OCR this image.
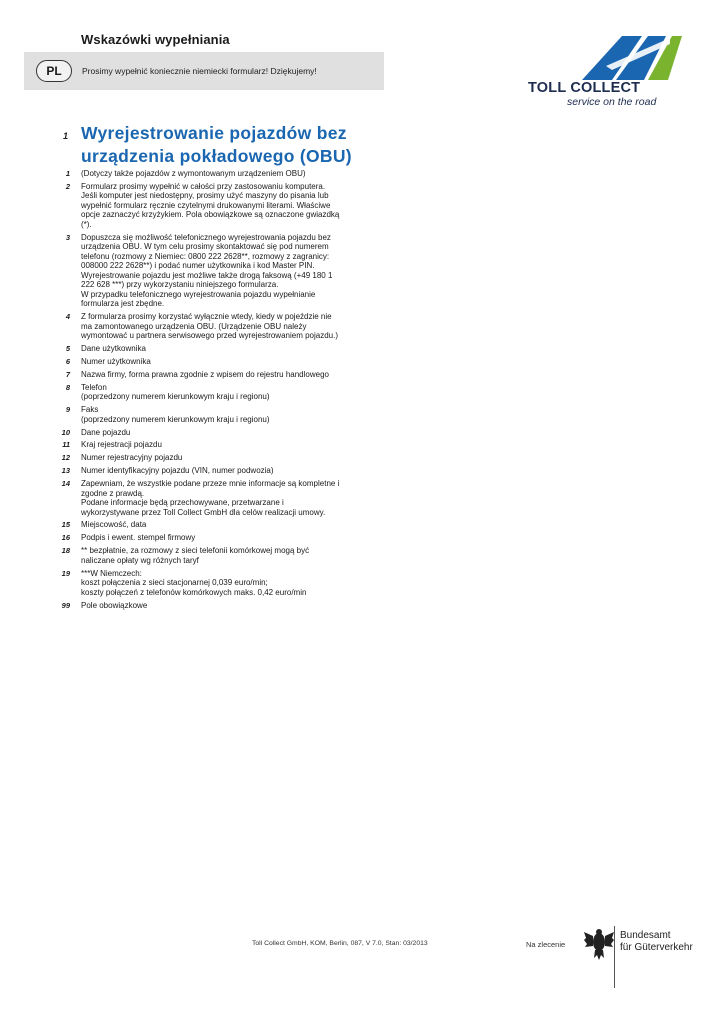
Wskazówki wypełniania
PL	Prosimy wypełnić koniecznie niemiecki formularz! Dziękujemy!
TOLL COLLECT
service on the road
1 Wyrejestrowanie pojazdów bez urządzenia pokładowego (OBU)
1	(Dotyczy także pojazdów z wymontowanym urządzeniem OBU)
2	Formularz prosimy wypełnić w całości przy zastosowaniu komputera.
Jeśli komputer jest niedostępny, prosimy użyć maszyny do pisania lub
wypełnić formularz ręcznie czytelnymi drukowanymi literami. Właściwe
opcje zaznaczyć krzyżykiem. Pola obowiązkowe są oznaczone gwiazdką
(*).
3	Dopuszcza się możliwość telefonicznego wyrejestrowania pojazdu bez
urządzenia OBU. W tym celu prosimy skontaktować się pod numerem
telefonu (rozmowy z Niemiec: 0800 222 2628**, rozmowy z zagranicy:
008000 222 2628**) i podać numer użytkownika i kod Master PIN.
Wyrejestrowanie pojazdu jest możliwe także drogą faksową (+49 180 1
222 628 ***) przy wykorzystaniu niniejszego formularza.
W przypadku telefonicznego wyrejestrowania pojazdu wypełnianie
formularza jest zbędne.
4	Z formularza prosimy korzystać wyłącznie wtedy, kiedy w pojeździe nie
ma zamontowanego urządzenia OBU. (Urządzenie OBU należy
wymontować u partnera serwisowego przed wyrejestrowaniem pojazdu.)
5	Dane użytkownika
6	Numer użytkownika
7	Nazwa firmy, forma prawna zgodnie z wpisem do rejestru handlowego
8	Telefon
(poprzedzony numerem kierunkowym kraju i regionu)
9	Faks
(poprzedzony numerem kierunkowym kraju i regionu)
10	Dane pojazdu
11	Kraj rejestracji pojazdu
12	Numer rejestracyjny pojazdu
13	Numer identyfikacyjny pojazdu (VIN, numer podwozia)
14	Zapewniam, że wszystkie podane przeze mnie informacje są kompletne i
zgodne z prawdą.
Podane informacje będą przechowywane, przetwarzane i
wykorzystywane przez Toll Collect GmbH dla celów realizacji umowy.
15	Miejscowość, data
16	Podpis i ewent. stempel firmowy
18	** bezpłatnie, za rozmowy z sieci telefonii komórkowej mogą być
naliczane opłaty wg różnych taryf
19	***W Niemczech:
koszt połączenia z sieci stacjonarnej 0,039 euro/min;
koszty połączeń z telefonów komórkowych maks. 0,42 euro/min
99	Pole obowiązkowe
Toll Collect GmbH, KOM, Berlin, 087, V 7.0, Stan: 03/2013	Na zlecenie
Bundesamt
für Güterverkehr
